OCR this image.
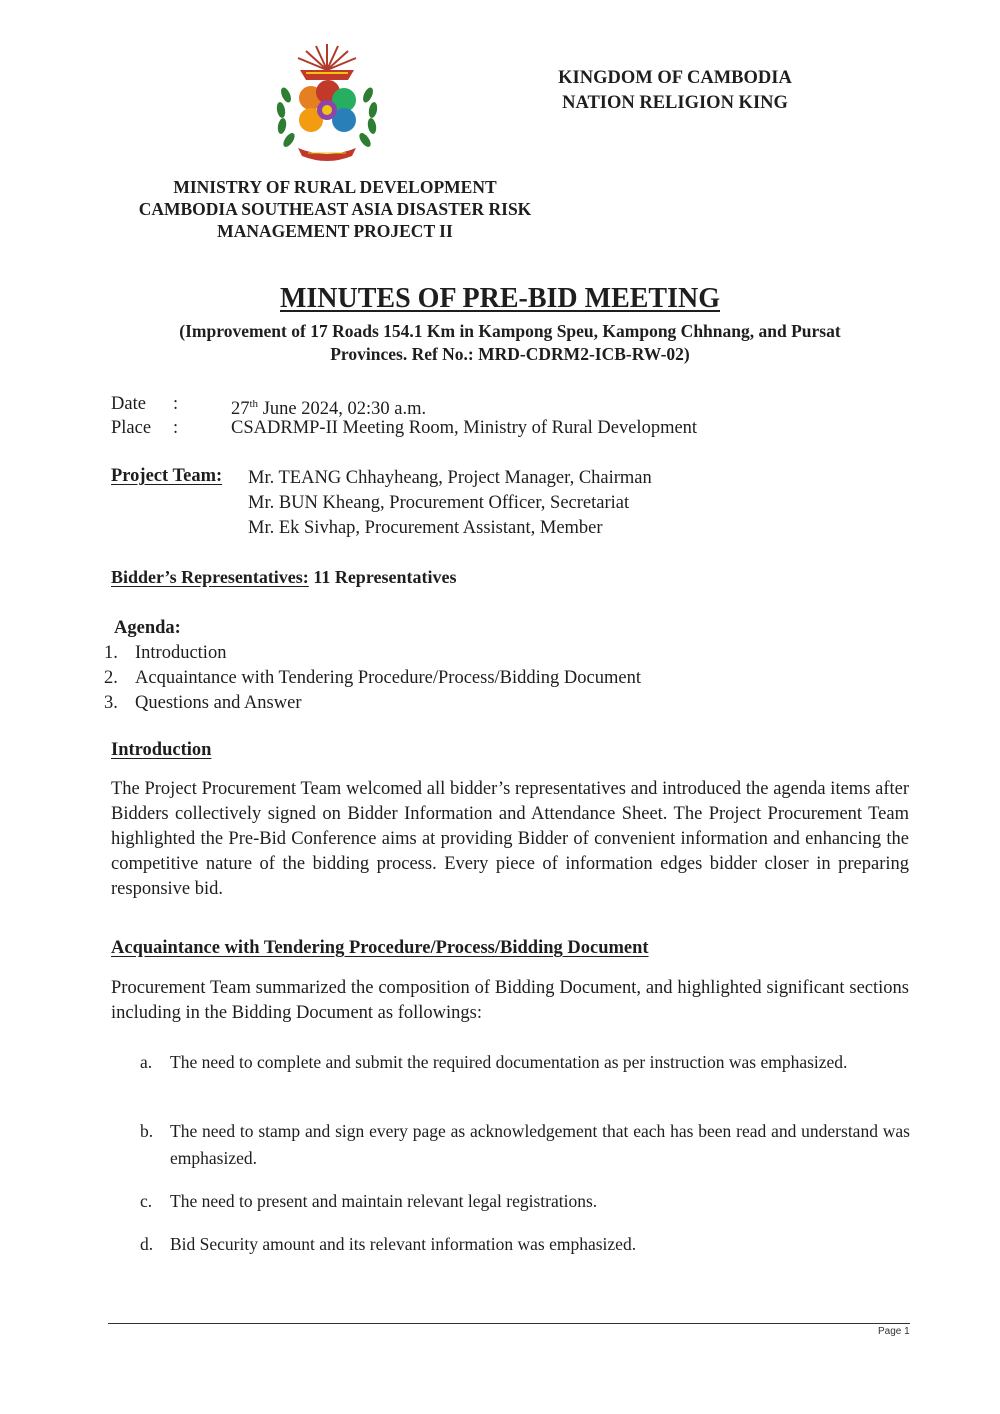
KINGDOM OF CAMBODIA
NATION RELIGION KING
MINISTRY OF RURAL DEVELOPMENT
CAMBODIA SOUTHEAST ASIA DISASTER RISK
MANAGEMENT PROJECT II
MINUTES OF PRE-BID MEETING
(Improvement of 17 Roads 154.1 Km in Kampong Speu, Kampong Chhnang, and Pursat
Provinces. Ref No.: MRD-CDRM2-ICB-RW-02)
Date :	27th June 2024, 02:30 a.m.
Place :	CSADRMP-II Meeting Room, Ministry of Rural Development
Project Team: Mr. TEANG Chhayheang, Project Manager, Chairman
Mr. BUN Kheang, Procurement Officer, Secretariat
Mr. Ek Sivhap, Procurement Assistant, Member
Bidder’s Representatives: 11 Representatives
Agenda:
1. Introduction
2. Acquaintance with Tendering Procedure/Process/Bidding Document
3. Questions and Answer
Introduction
The Project Procurement Team welcomed all bidder’s representatives and introduced the agenda items after Bidders collectively signed on Bidder Information and Attendance Sheet. The Project Procurement Team highlighted the Pre-Bid Conference aims at providing Bidder of convenient information and enhancing the competitive nature of the bidding process. Every piece of information edges bidder closer in preparing responsive bid.
Acquaintance with Tendering Procedure/Process/Bidding Document
Procurement Team summarized the composition of Bidding Document, and highlighted significant sections including in the Bidding Document as followings:
a. The need to complete and submit the required documentation as per instruction was emphasized.
b. The need to stamp and sign every page as acknowledgement that each has been read and understand was emphasized.
c. The need to present and maintain relevant legal registrations.
d. Bid Security amount and its relevant information was emphasized.
Page 1
